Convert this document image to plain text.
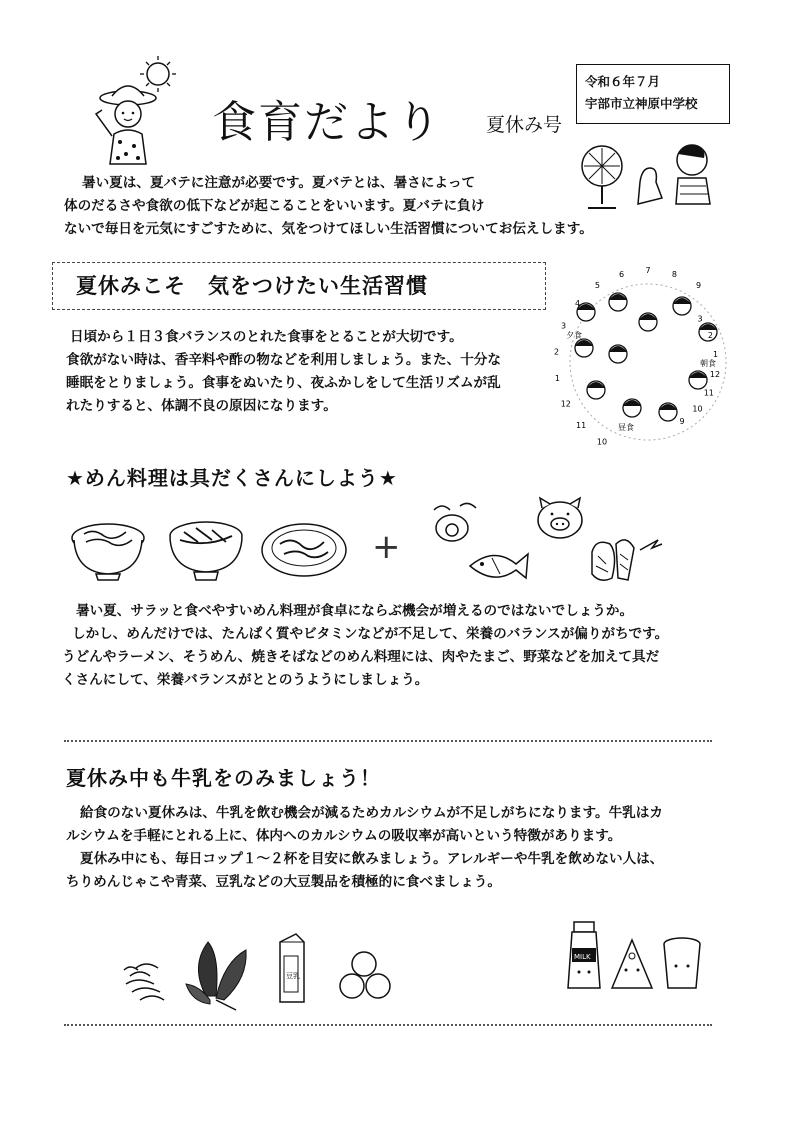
食育だより 夏休み号
令和６年７月
宇部市立神原中学校
暑い夏は、夏バテに注意が必要です。夏バテとは、暑さによって
体のだるさや食欲の低下などが起こることをいいます。夏バテに負け
ないで毎日を元気にすごすために、気をつけてほしい生活習慣についてお伝えします。
夏休みこそ　気をつけたい生活習慣
日頃から１日３食バランスのとれた食事をとることが大切です。
食欲がない時は、香辛料や酢の物などを利用しましょう。また、十分な
睡眠をとりましょう。食事をぬいたり、夜ふかしをして生活リズムが乱
れたりすると、体調不良の原因になります。
10
11
12
1
2
3
4
5
6	7	8
9
3
2
1
12
11
10
9
夕食
朝食
昼食
★めん料理は具だくさんにしよう★
+
暑い夏、サラッと食べやすいめん料理が食卓にならぶ機会が増えるのではないでしょうか。
しかし、めんだけでは、たんぱく質やビタミンなどが不足して、栄養のバランスが偏りがちです。
うどんやラーメン、そうめん、焼きそばなどのめん料理には、肉やたまご、野菜などを加えて具だ
くさんにして、栄養バランスがととのうようにしましょう。
夏休み中も牛乳をのみましょう！
給食のない夏休みは、牛乳を飲む機会が減るためカルシウムが不足しがちになります。牛乳はカ
ルシウムを手軽にとれる上に、体内へのカルシウムの吸収率が高いという特徴があります。
夏休み中にも、毎日コップ１～２杯を目安に飲みましょう。アレルギーや牛乳を飲めない人は、
ちりめんじゃこや青菜、豆乳などの大豆製品を積極的に食べましょう。
豆乳
MILK
